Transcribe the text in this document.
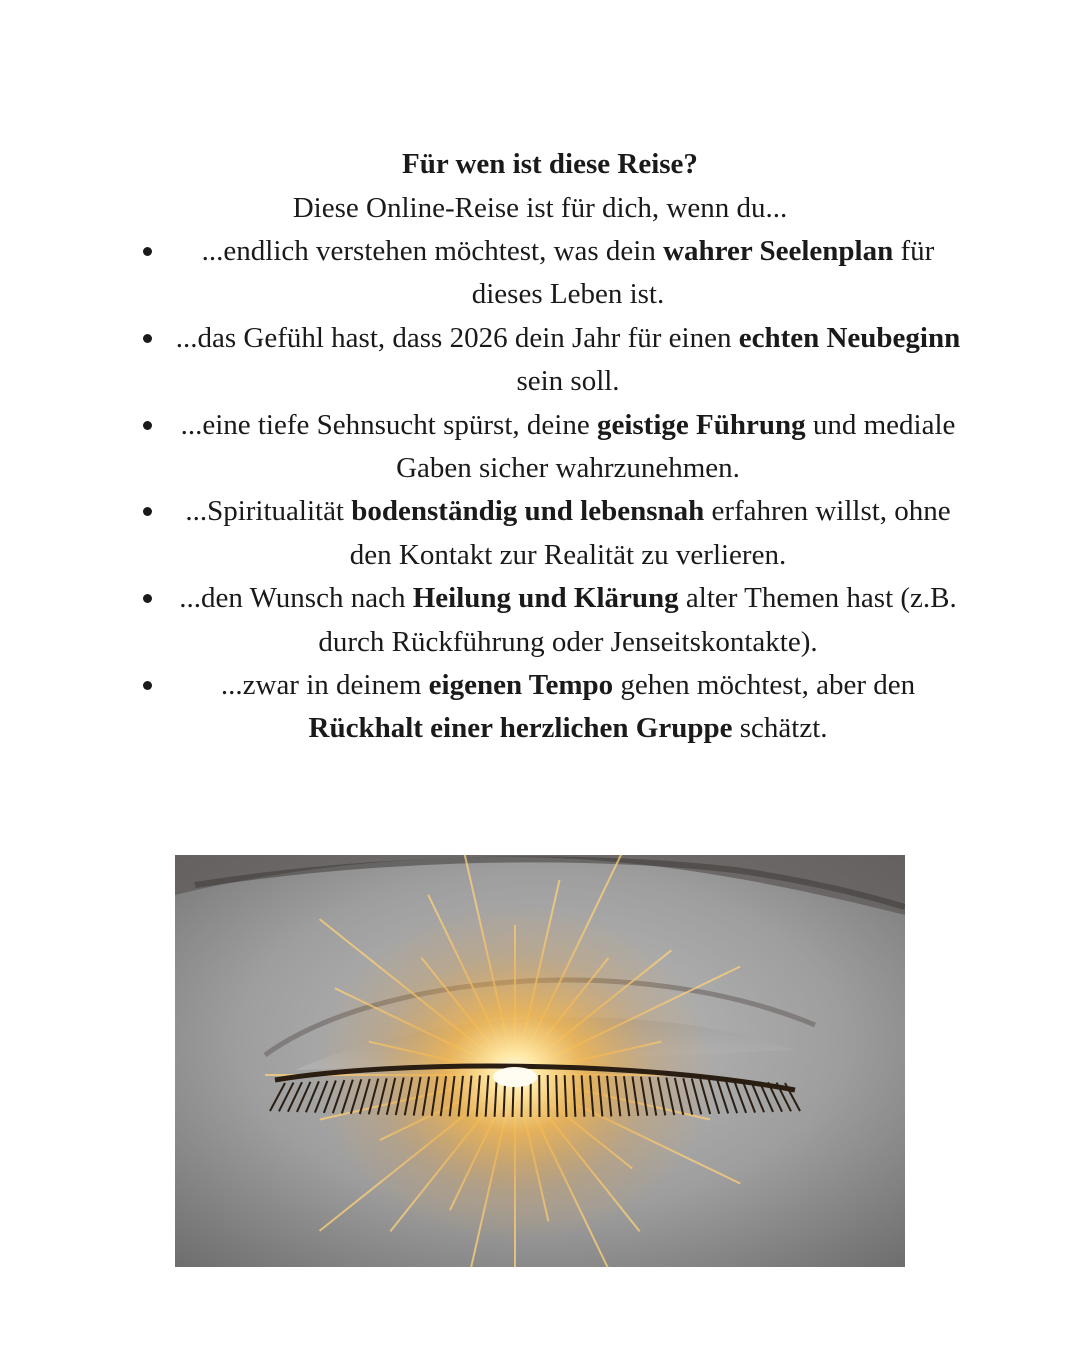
Für wen ist diese Reise?
Diese Online-Reise ist für dich, wenn du...
...endlich verstehen möchtest, was dein wahrer Seelenplan für dieses Leben ist.
...das Gefühl hast, dass 2026 dein Jahr für einen echten Neubeginn sein soll.
...eine tiefe Sehnsucht spürst, deine geistige Führung und mediale Gaben sicher wahrzunehmen.
...Spiritualität bodenständig und lebensnah erfahren willst, ohne den Kontakt zur Realität zu verlieren.
...den Wunsch nach Heilung und Klärung alter Themen hast (z.B. durch Rückführung oder Jenseitskontakte).
...zwar in deinem eigenen Tempo gehen möchtest, aber den Rückhalt einer herzlichen Gruppe schätzt.
